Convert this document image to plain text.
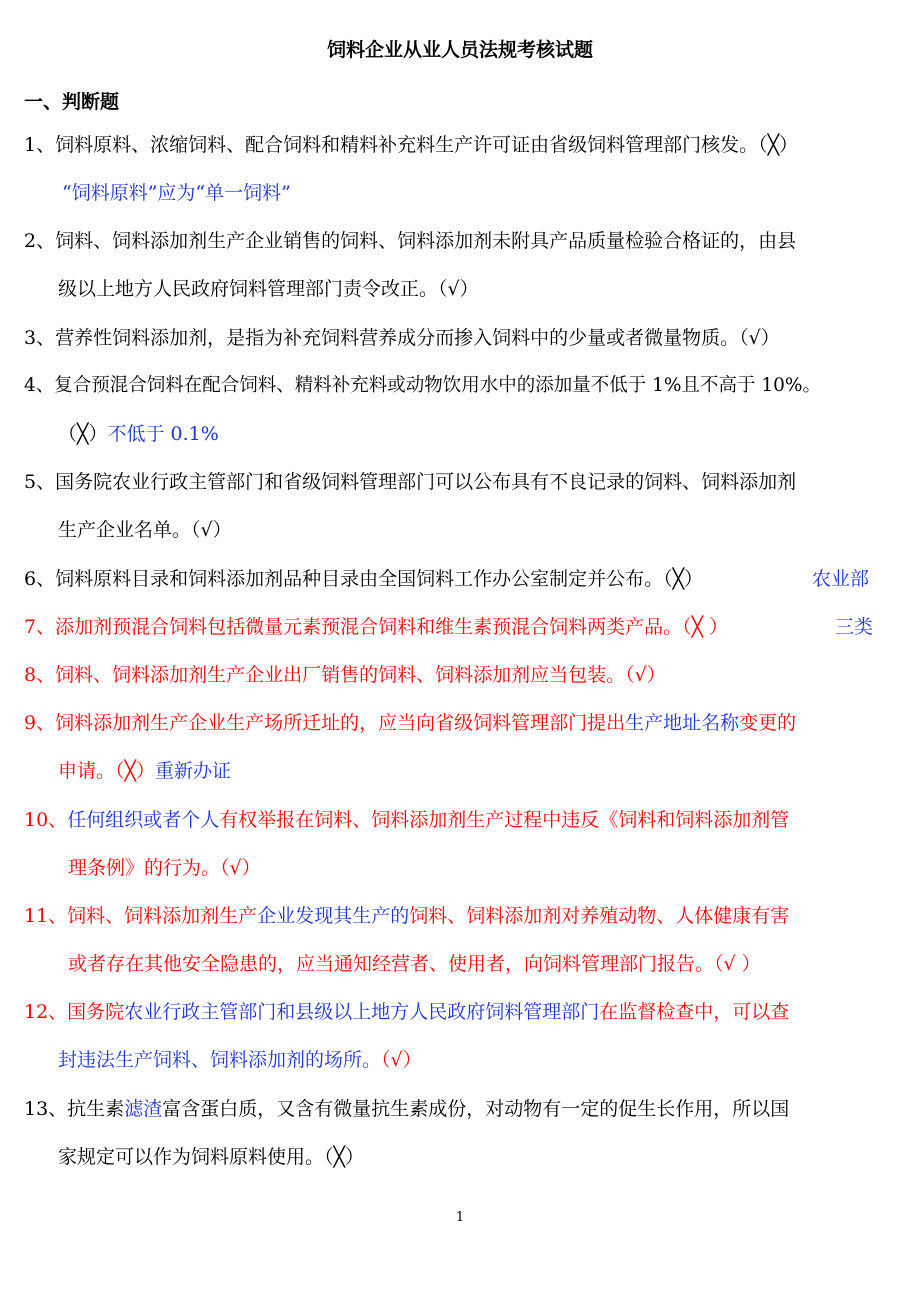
饲料企业从业人员法规考核试题
一、判断题
1、饲料原料、浓缩饲料、配合饲料和精料补充料生产许可证由省级饲料管理部门核发。（╳）
“饲料原料”应为“单一饲料”
2、饲料、饲料添加剂生产企业销售的饲料、饲料添加剂未附具产品质量检验合格证的，由县
级以上地方人民政府饲料管理部门责令改正。（√）
3、营养性饲料添加剂，是指为补充饲料营养成分而掺入饲料中的少量或者微量物质。（√）
4、复合预混合饲料在配合饲料、精料补充料或动物饮用水中的添加量不低于 1%且不高于 10%。
（╳）不低于 0.1%
5、国务院农业行政主管部门和省级饲料管理部门可以公布具有不良记录的饲料、饲料添加剂
生产企业名单。（√）
6、饲料原料目录和饲料添加剂品种目录由全国饲料工作办公室制定并公布。（╳）	农业部
7、添加剂预混合饲料包括微量元素预混合饲料和维生素预混合饲料两类产品。（╳ ）	三类
8、饲料、饲料添加剂生产企业出厂销售的饲料、饲料添加剂应当包装。（√）
9、饲料添加剂生产企业生产场所迁址的，应当向省级饲料管理部门提出生产地址名称变更的
申请。（╳）重新办证
10、任何组织或者个人有权举报在饲料、饲料添加剂生产过程中违反《饲料和饲料添加剂管
理条例》的行为。（√）
11、饲料、饲料添加剂生产企业发现其生产的饲料、饲料添加剂对养殖动物、人体健康有害
或者存在其他安全隐患的，应当通知经营者、使用者，向饲料管理部门报告。（√ ）
12、国务院农业行政主管部门和县级以上地方人民政府饲料管理部门在监督检查中，可以查
封违法生产饲料、饲料添加剂的场所。（√）
13、抗生素滤渣富含蛋白质，又含有微量抗生素成份，对动物有一定的促生长作用，所以国
家规定可以作为饲料原料使用。（╳）
1
